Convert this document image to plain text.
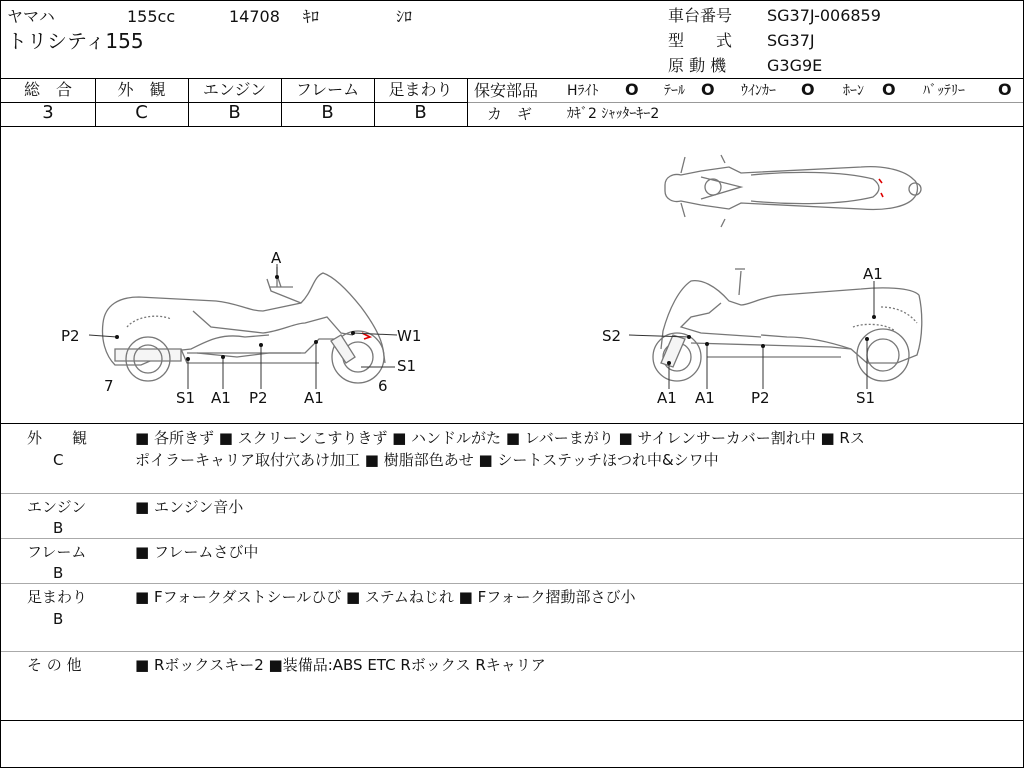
ヤマハ	155cc	14708 ｷﾛ	ｼﾛ
トリシティ155
車台番号 SG37J-006859
型　　式 SG37J
原 動 機	G3G9E
総　合
3
外　観
C
エンジン
B
フレーム
B
足まわり
B
保安部品 Hﾗｲﾄ O ﾃｰﾙ O ｳｲﾝｶｰ O ﾎｰﾝ O ﾊﾞｯﾃﾘｰ O
カ　ギ ｶｷﾞ2 ｼｬｯﾀｰｷｰ2
A
P2	W1
S1
7	6
S1 A1 P2 A1
A1
S2
A1 A1 P2	S1
外　　観
C
■ 各所きず ■ スクリーンこすりきず ■ ハンドルがた ■ レバーまがり ■ サイレンサーカバー割れ中 ■ Rス
ポイラーキャリア取付穴あけ加工 ■ 樹脂部色あせ ■ シートステッチほつれ中&シワ中
エンジン
B
■ エンジン音小
フレーム
B
■ フレームさび中
足まわり
B
■ Fフォークダストシールひび ■ ステムねじれ ■ Fフォーク摺動部さび小
そ の 他	■ Rボックスキー2 ■装備品:ABS ETC Rボックス Rキャリア
